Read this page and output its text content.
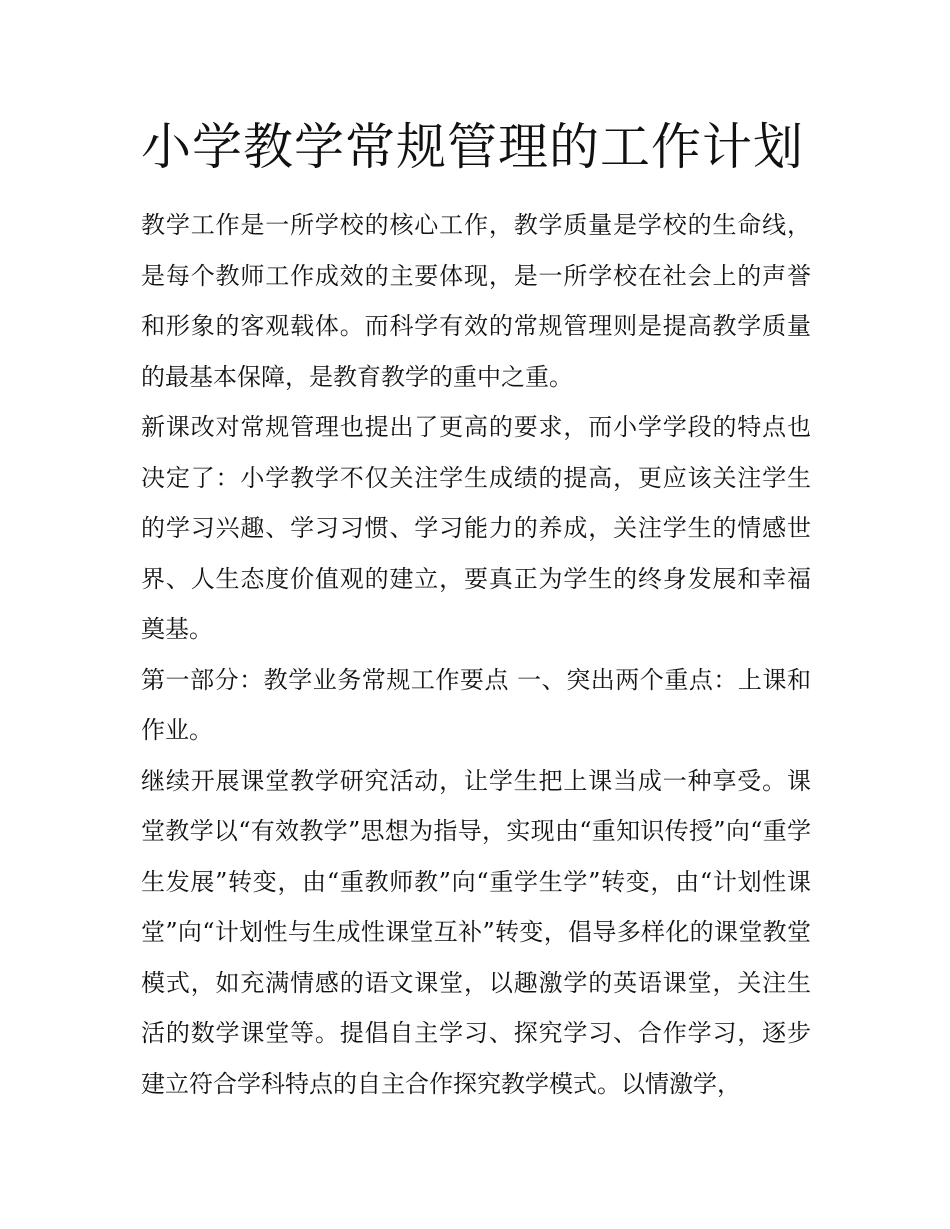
小学教学常规管理的工作计划

教学工作是一所学校的核心工作，教学质量是学校的生命线，是每个教师工作成效的主要体现，是一所学校在社会上的声誉和形象的客观载体。而科学有效的常规管理则是提高教学质量的最基本保障，是教育教学的重中之重。

新课改对常规管理也提出了更高的要求，而小学学段的特点也决定了：小学教学不仅关注学生成绩的提高，更应该关注学生的学习兴趣、学习习惯、学习能力的养成，关注学生的情感世界、人生态度价值观的建立，要真正为学生的终身发展和幸福奠基。

第一部分：教学业务常规工作要点 一、突出两个重点：上课和作业。

继续开展课堂教学研究活动，让学生把上课当成一种享受。课堂教学以“有效教学”思想为指导，实现由“重知识传授”向“重学生发展”转变，由“重教师教”向“重学生学”转变，由“计划性课堂”向“计划性与生成性课堂互补”转变，倡导多样化的课堂教堂模式，如充满情感的语文课堂，以趣激学的英语课堂，关注生活的数学课堂等。提倡自主学习、探究学习、合作学习，逐步建立符合学科特点的自主合作探究教学模式。以情激学，
